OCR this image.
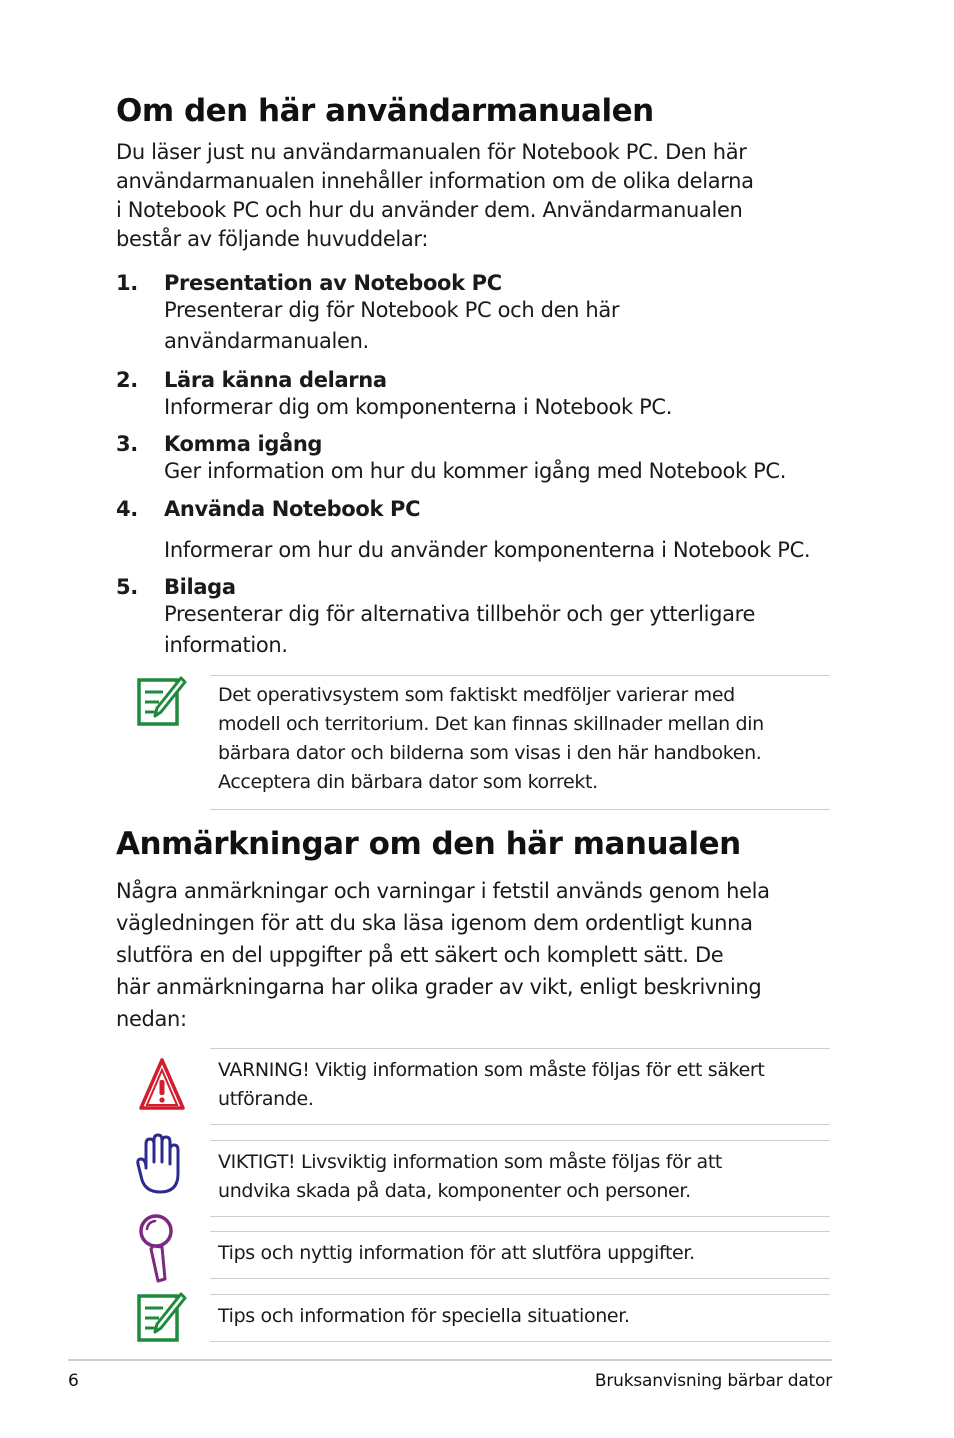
Om den här användarmanualen

Du läser just nu användarmanualen för Notebook PC. Den här
användarmanualen innehåller information om de olika delarna
i Notebook PC och hur du använder dem. Användarmanualen
består av följande huvuddelar:

1. Presentation av Notebook PC
Presenterar dig för Notebook PC och den här
användarmanualen.
2. Lära känna delarna
Informerar dig om komponenterna i Notebook PC.
3. Komma igång
Ger information om hur du kommer igång med Notebook PC.
4. Använda Notebook PC
Informerar om hur du använder komponenterna i Notebook PC.
5. Bilaga
Presenterar dig för alternativa tillbehör och ger ytterligare
information.
Det operativsystem som faktiskt medföljer varierar med
modell och territorium. Det kan finnas skillnader mellan din
bärbara dator och bilderna som visas i den här handboken.
Acceptera din bärbara dator som korrekt.
Anmärkningar om den här manualen

Några anmärkningar och varningar i fetstil används genom hela
vägledningen för att du ska läsa igenom dem ordentligt kunna
slutföra en del uppgifter på ett säkert och komplett sätt. De
här anmärkningarna har olika grader av vikt, enligt beskrivning
nedan:

VARNING! Viktig information som måste följas för ett säkert
utförande.
VIKTIGT! Livsviktig information som måste följas för att
undvika skada på data, komponenter och personer.
Tips och nyttig information för att slutföra uppgifter.
Tips och information för speciella situationer.
6	Bruksanvisning bärbar dator
